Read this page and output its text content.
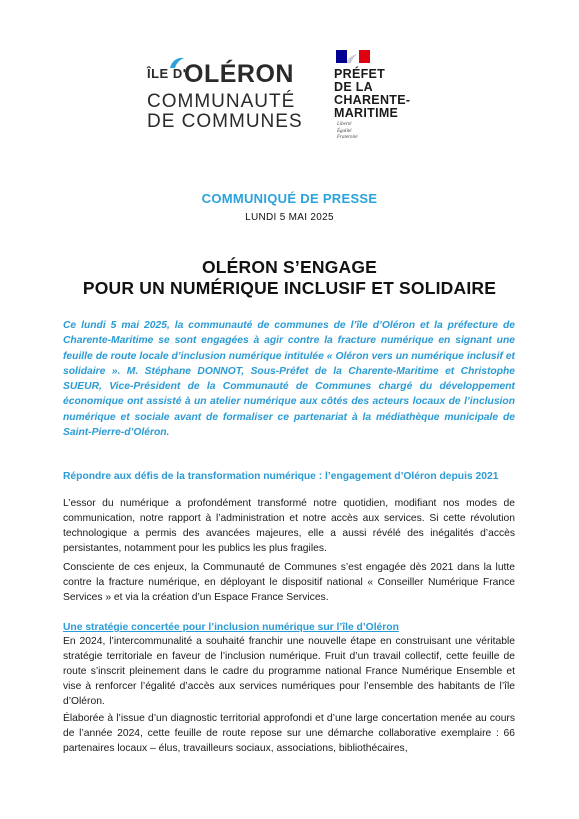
ÎLE D'
OLÉRON
COMMUNAUTÉ
DE COMMUNES
PRÉFET
DE LA
CHARENTE-
MARITIME
Liberté
Égalité
Fraternité
COMMUNIQUÉ DE PRESSE
LUNDI 5 MAI 2025
OLÉRON S’ENGAGE
POUR UN NUMÉRIQUE INCLUSIF ET SOLIDAIRE

Ce lundi 5 mai 2025, la communauté de communes de l’île d’Oléron et la préfecture de Charente-Maritime se sont engagées à agir contre la fracture numérique en signant une feuille de route locale d’inclusion numérique intitulée « Oléron vers un numérique inclusif et solidaire ». M. Stéphane DONNOT, Sous-Préfet de la Charente-Maritime et Christophe SUEUR, Vice-Président de la Communauté de Communes chargé du développement économique ont assisté à un atelier numérique aux côtés des acteurs locaux de l’inclusion numérique et sociale avant de formaliser ce partenariat à la médiathèque municipale de Saint-Pierre-d’Oléron.

Répondre aux défis de la transformation numérique : l’engagement d’Oléron depuis 2021

L’essor du numérique a profondément transformé notre quotidien, modifiant nos modes de communication, notre rapport à l’administration et notre accès aux services. Si cette révolution technologique a permis des avancées majeures, elle a aussi révélé des inégalités d’accès persistantes, notamment pour les publics les plus fragiles.

Consciente de ces enjeux, la Communauté de Communes s’est engagée dès 2021 dans la lutte contre la fracture numérique, en déployant le dispositif national « Conseiller Numérique France Services » et via la création d’un Espace France Services.

Une stratégie concertée pour l’inclusion numérique sur l’île d’Oléron

En 2024, l’intercommunalité a souhaité franchir une nouvelle étape en construisant une véritable stratégie territoriale en faveur de l’inclusion numérique. Fruit d’un travail collectif, cette feuille de route s’inscrit pleinement dans le cadre du programme national France Numérique Ensemble et vise à renforcer l’égalité d’accès aux services numériques pour l’ensemble des habitants de l’île d’Oléron.

Élaborée à l’issue d’un diagnostic territorial approfondi et d’une large concertation menée au cours de l’année 2024, cette feuille de route repose sur une démarche collaborative exemplaire : 66 partenaires locaux – élus, travailleurs sociaux, associations, bibliothécaires,
